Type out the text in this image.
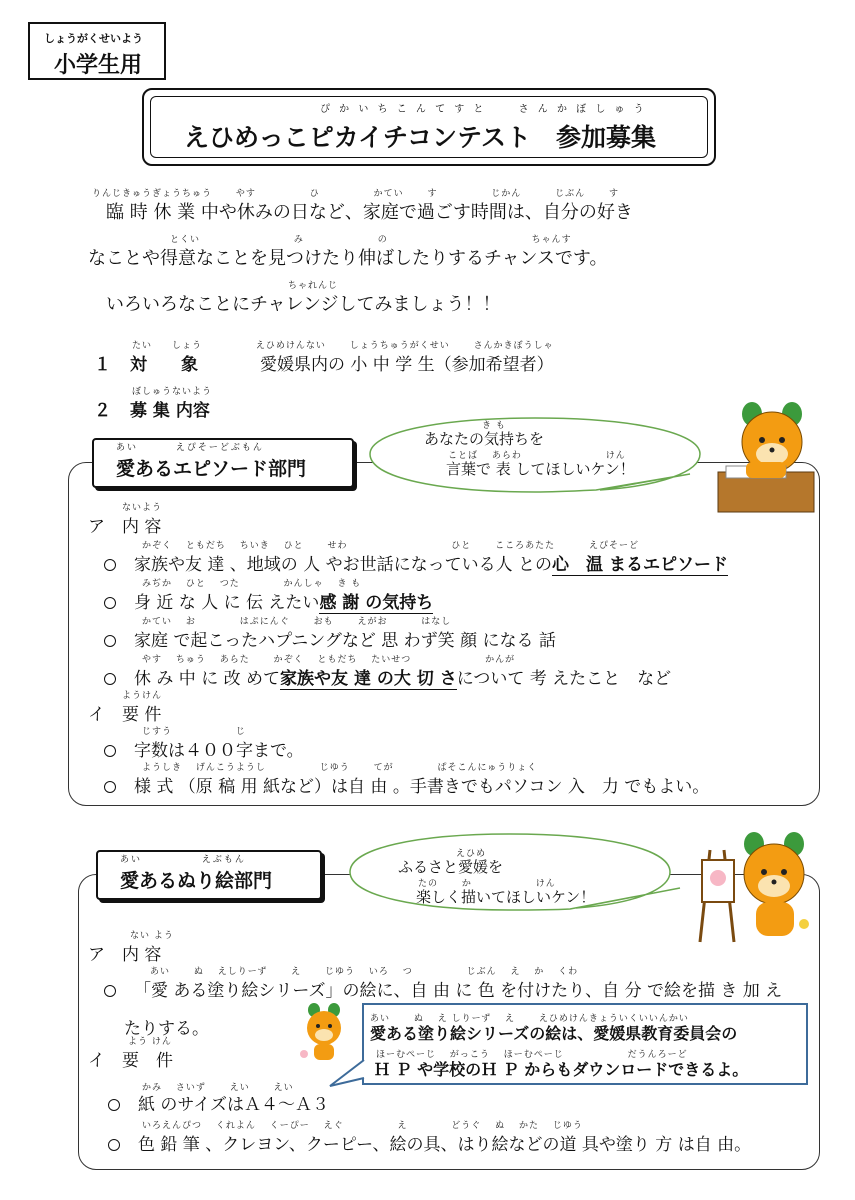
しょうがくせいよう
小学生用
ぴ か い ち こ ん て す と　　 さ ん か ぼ し ゅ う
えひめっこピカイチコンテスト　参加募集
りんじきゅうぎょうちゅう　　 やす　　　　　 ひ　　　　　 かてい　　 す　　　　　 じかん　　　 じぶん　　 す
　臨 時 休 業 中や休みの日など、家庭で過ごす時間は、自分の好き
とくい　　　　　　　　　 み　　　　　　　 の　　　　　　　　　　　　　　 ちゃんす
なことや得意なことを見つけたり伸ばしたりするチャンスです。
ちゃれんじ
　いろいろなことにチャレンジしてみましょう！！
たい　　しょう　　　　　 えひめけんない　　 しょうちゅうがくせい　　 さんかきぼうしゃ
１ 対　　象	愛媛県内の 小 中 学 生（参加希望者）
ぼしゅうないよう
２ 募 集 内容
あい　　　 えぴそーどぶもん
愛あるエピソード部門
き も
あなたの気持ちを
ことば　 あらわ　　　　　　　　 けん
言葉で 表 してほしいケン！
ないよう
ア　内 容
かぞく　 ともだち　 ちいき　 ひと　　 せわ　　　　　　　　　　 ひと　　 こころあたた　　　 えぴそーど
家族や友 達 、地域の 人 やお世話になっている人 との心　温 まるエピソード
みぢか　 ひと　 つた　　　　 かんしゃ　 き も
身 近 な 人 に 伝 えたい感 謝 の気持ち
かてい　 お　　　　 はぷにんぐ　　 おも　　 えがお　　　 はなし
家庭 で起こったハプニングなど 思 わず笑 顔 になる 話
やす　 ちゅう　 あらた　　 かぞく　 ともだち　 たいせつ　　　　　　　 かんが
休 み 中 に 改 めて家族や友 達 の大 切 さについて 考 えたこと　など
ようけん
イ　要 件
じすう　　　　　　 じ
字数は４００字まで。
ようしき　 げんこうようし　　　　　 じゆう　　 てが　　　　 ぱそこんにゅうりょく
様 式 （原 稿 用 紙など）は自 由 。手書きでもパソコン 入　力 でもよい。
あい　　　　　 えぶもん
愛あるぬり絵部門
えひめ
ふるさと愛媛を
たの　　 か　　　　　　 けん
楽しく描いてほしいケン！
ない よう
ア　内 容
あい　　 ぬ　 えしりーず　　 え　　 じゆう　 いろ　 つ　　　　　 じぶん　 え　 か　 くわ
「愛 ある塗り絵シリーズ」の絵に、自 由 に 色 を付けたり、自 分 で絵を描 き 加 え
たりする。
よう けん
イ　要　件
あい　　 ぬ　 え しりーず　 え　　 えひめけんきょういくいいんかい
愛ある塗り絵シリーズの絵は、愛媛県教育委員会の
ほーむぺーじ　 がっこう　 ほーむぺーじ　　　　　　 だうんろーど
Ｈ Ｐ や学校のＨ Ｐ からもダウンロードできるよ。
かみ　 さいず　　 えい　　 えい
紙 のサイズはＡ４～Ａ３
いろえんぴつ　 くれよん　 くーぴー　 えぐ　　　　　 え　　　　 どうぐ　 ぬ　 かた　 じゆう
色 鉛 筆 、クレヨン、クーピー、絵の具、はり絵などの道 具や塗り 方 は自 由。
